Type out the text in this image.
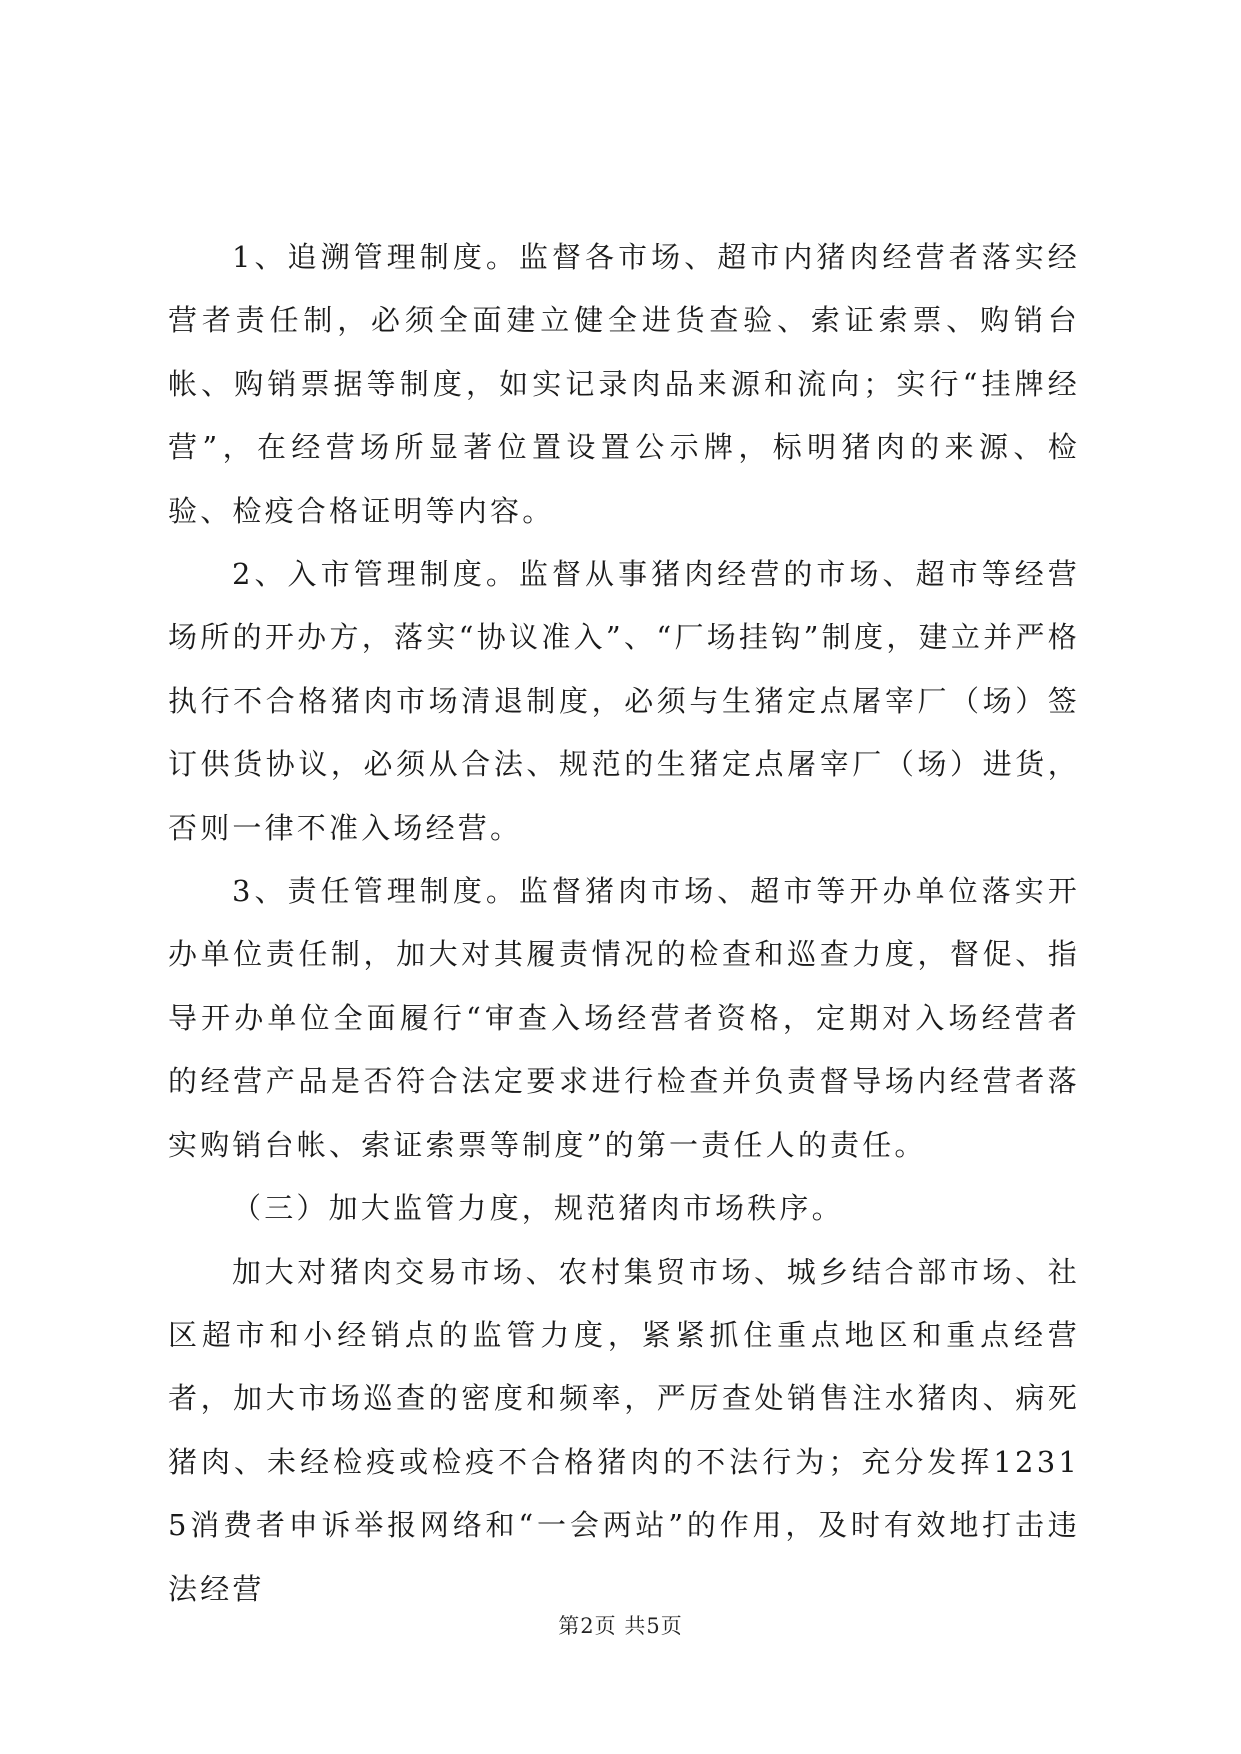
1、追溯管理制度。监督各市场、超市内猪肉经营者落实经营者责任制，必须全面建立健全进货查验、索证索票、购销台帐、购销票据等制度，如实记录肉品来源和流向；实行“挂牌经营”，在经营场所显著位置设置公示牌，标明猪肉的来源、检验、检疫合格证明等内容。

2、入市管理制度。监督从事猪肉经营的市场、超市等经营场所的开办方，落实“协议准入”、“厂场挂钩”制度，建立并严格执行不合格猪肉市场清退制度，必须与生猪定点屠宰厂（场）签订供货协议，必须从合法、规范的生猪定点屠宰厂（场）进货，否则一律不准入场经营。

3、责任管理制度。监督猪肉市场、超市等开办单位落实开办单位责任制，加大对其履责情况的检查和巡查力度，督促、指导开办单位全面履行“审查入场经营者资格，定期对入场经营者的经营产品是否符合法定要求进行检查并负责督导场内经营者落实购销台帐、索证索票等制度”的第一责任人的责任。

（三）加大监管力度，规范猪肉市场秩序。

加大对猪肉交易市场、农村集贸市场、城乡结合部市场、社区超市和小经销点的监管力度，紧紧抓住重点地区和重点经营者，加大市场巡查的密度和频率，严厉查处销售注水猪肉、病死猪肉、未经检疫或检疫不合格猪肉的不法行为；充分发挥12315消费者申诉举报网络和“一会两站”的作用，及时有效地打击违法经营

第2页 共5页
